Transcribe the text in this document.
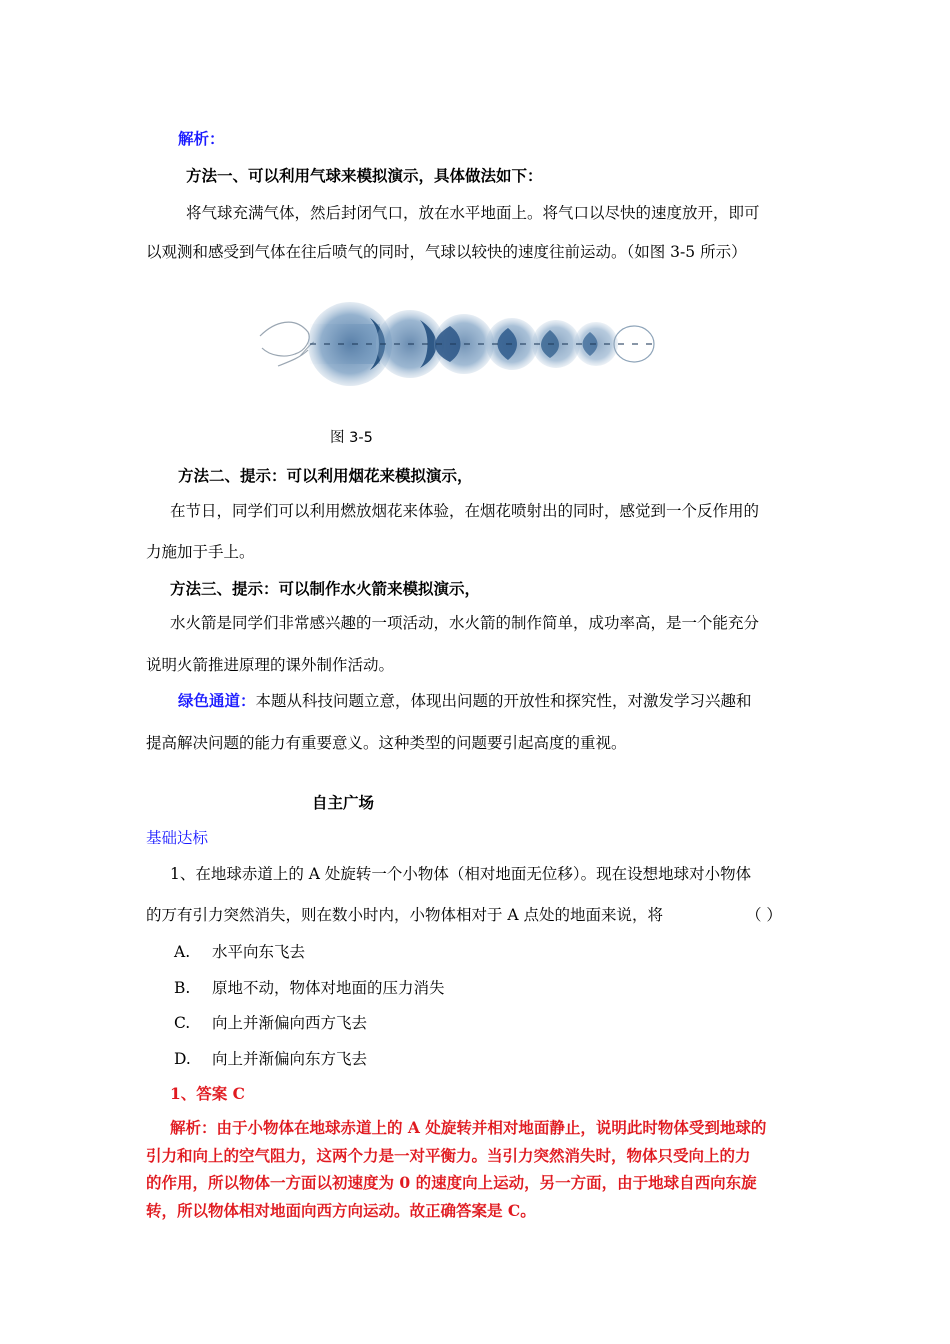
解析：
方法一、可以利用气球来模拟演示，具体做法如下：
将气球充满气体，然后封闭气口，放在水平地面上。将气口以尽快的速度放开，即可
以观测和感受到气体在往后喷气的同时，气球以较快的速度往前运动。（如图 3-5 所示）
图 3-5
方法二、提示：可以利用烟花来模拟演示，
在节日，同学们可以利用燃放烟花来体验，在烟花喷射出的同时，感觉到一个反作用的
力施加于手上。
方法三、提示：可以制作水火箭来模拟演示，
水火箭是同学们非常感兴趣的一项活动，水火箭的制作简单，成功率高，是一个能充分
说明火箭推进原理的课外制作活动。
绿色通道：本题从科技问题立意，体现出问题的开放性和探究性，对激发学习兴趣和
提高解决问题的能力有重要意义。这种类型的问题要引起高度的重视。
自主广场
基础达标
1、在地球赤道上的 A 处旋转一个小物体（相对地面无位移）。现在设想地球对小物体
的万有引力突然消失，则在数小时内，小物体相对于 A 点处的地面来说，将	（ ）
A. 水平向东飞去
B. 原地不动，物体对地面的压力消失
C. 向上并渐偏向西方飞去
D. 向上并渐偏向东方飞去
1、答案 C
解析：由于小物体在地球赤道上的 A 处旋转并相对地面静止，说明此时物体受到地球的
引力和向上的空气阻力，这两个力是一对平衡力。当引力突然消失时，物体只受向上的力
的作用，所以物体一方面以初速度为 0 的速度向上运动，另一方面，由于地球自西向东旋
转，所以物体相对地面向西方向运动。故正确答案是 C。
